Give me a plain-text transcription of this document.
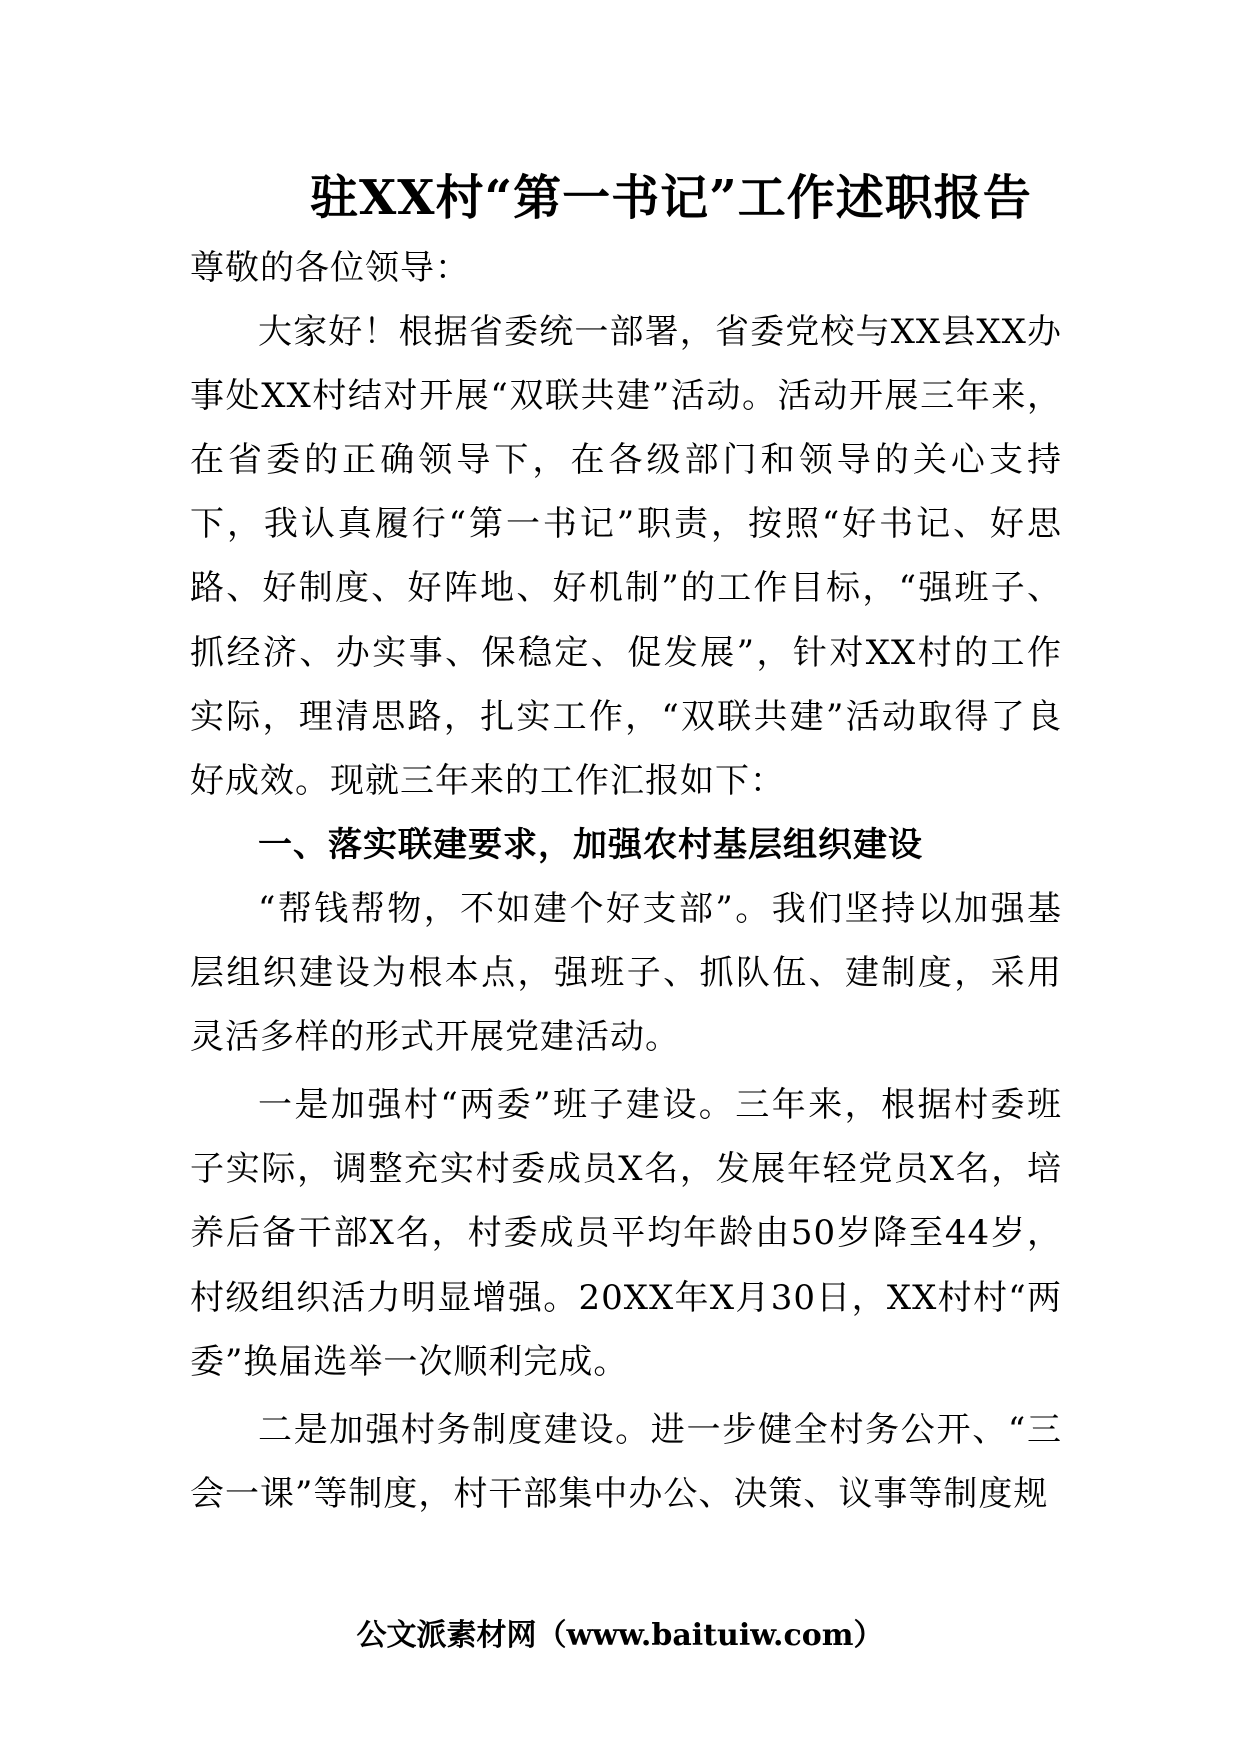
驻XX村“第一书记”工作述职报告

尊敬的各位领导：

大家好！根据省委统一部署，省委党校与XX县XX办事处XX村结对开展“双联共建”活动。活动开展三年来，在省委的正确领导下，在各级部门和领导的关心支持下，我认真履行“第一书记”职责，按照“好书记、好思路、好制度、好阵地、好机制”的工作目标，“强班子、抓经济、办实事、保稳定、促发展”，针对XX村的工作实际，理清思路，扎实工作，“双联共建”活动取得了良好成效。现就三年来的工作汇报如下：

一、落实联建要求，加强农村基层组织建设

“帮钱帮物，不如建个好支部”。我们坚持以加强基层组织建设为根本点，强班子、抓队伍、建制度，采用灵活多样的形式开展党建活动。

一是加强村“两委”班子建设。三年来，根据村委班子实际，调整充实村委成员X名，发展年轻党员X名，培养后备干部X名，村委成员平均年龄由50岁降至44岁，村级组织活力明显增强。20XX年X月30日，XX村村“两委”换届选举一次顺利完成。

二是加强村务制度建设。进一步健全村务公开、“三会一课”等制度，村干部集中办公、决策、议事等制度规

公文派素材网（www.baituiw.com）
